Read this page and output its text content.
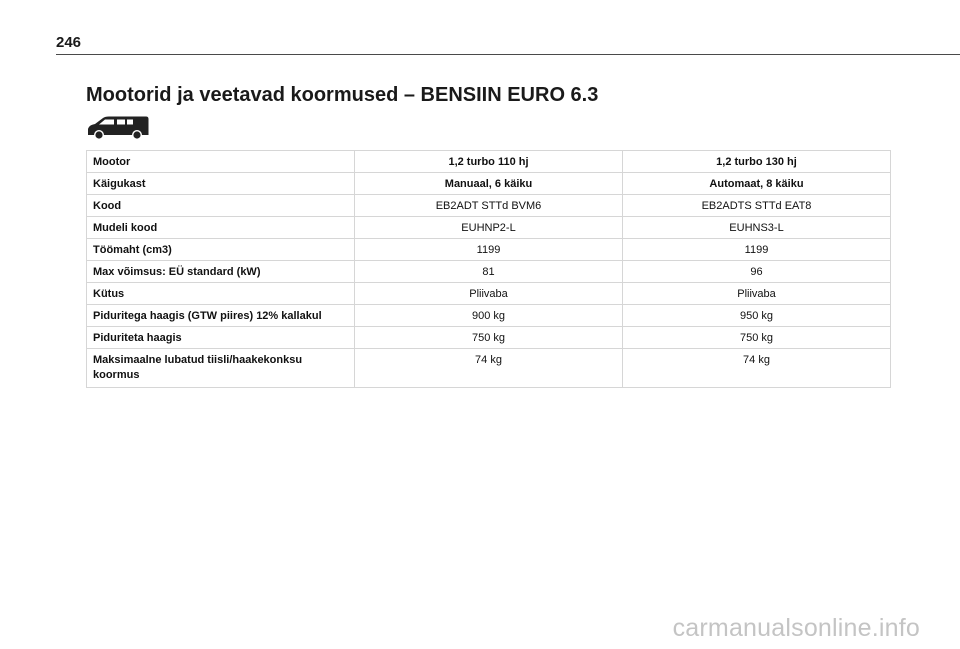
246
Mootorid ja veetavad koormused – BENSIIN EURO 6.3
Mootor	1,2 turbo 110 hj	1,2 turbo 130 hj
Käigukast	Manuaal, 6 käiku	Automaat, 8 käiku
Kood	EB2ADT STTd BVM6	EB2ADTS STTd EAT8
Mudeli kood	EUHNP2-L	EUHNS3-L
Töömaht (cm3)	1199	1199
Max võimsus: EÜ standard (kW)	81	96
Kütus	Pliivaba	Pliivaba
Piduritega haagis (GTW piires) 12% kallakul	900 kg	950 kg
Piduriteta haagis	750 kg	750 kg
Maksimaalne lubatud tiisli/haakekonksu koormus	74 kg	74 kg
carmanualsonline.info
